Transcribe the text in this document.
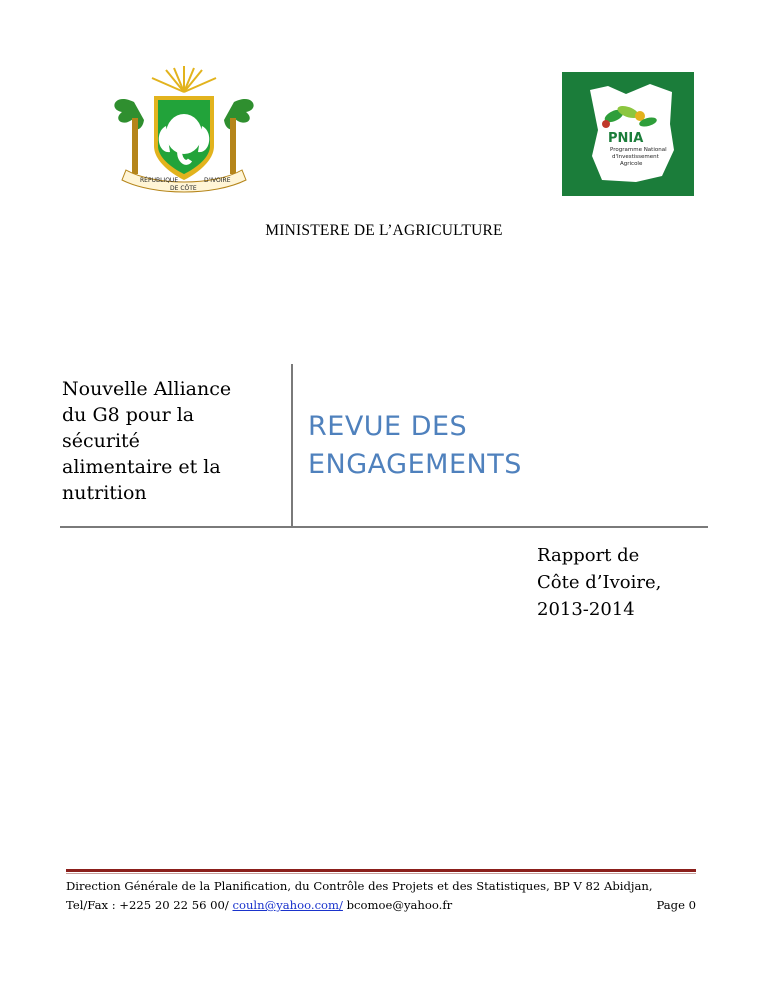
RÉPUBLIQUE
DE CÔTE
D'IVOIRE
PNIA
Programme National
d'Investissement
Agricole
MINISTERE DE L’AGRICULTURE
Nouvelle Alliance
du G8 pour la
sécurité
alimentaire et la
nutrition
REVUE DES
ENGAGEMENTS
Rapport de
Côte d’Ivoire,
2013-2014
Direction Générale de la Planification, du Contrôle des Projets et des Statistiques, BP V 82 Abidjan,
Tel/Fax : +225 20 22 56 00/ couln@yahoo.com/ bcomoe@yahoo.fr	Page 0
